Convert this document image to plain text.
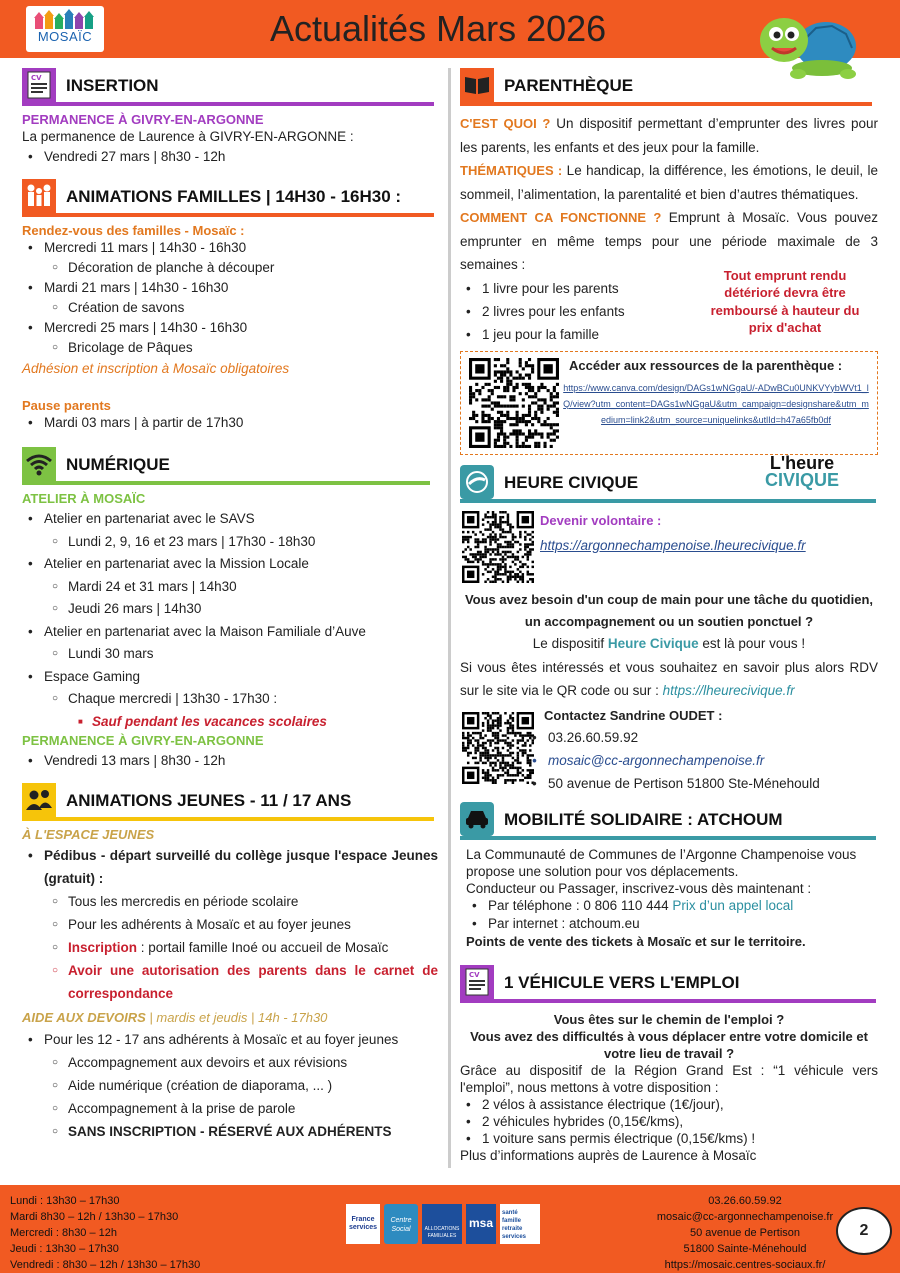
MOSAÏC	Actualités Mars 2026
CV INSERTION
PERMANENCE À GIVRY-EN-ARGONNE
La permanence de Laurence à GIVRY-EN-ARGONNE :
• Vendredi 27 mars | 8h30 - 12h
ANIMATIONS FAMILLES | 14H30 - 16H30 :
Rendez-vous des familles - Mosaïc :
• Mercredi 11 mars | 14h30 - 16h30
○ Décoration de planche à découper
• Mardi 21 mars | 14h30 - 16h30
○ Création de savons
• Mercredi 25 mars | 14h30 - 16h30
○ Bricolage de Pâques
Adhésion et inscription à Mosaïc obligatoires
Pause parents
• Mardi 03 mars | à partir de 17h30
NUMÉRIQUE
ATELIER À MOSAÏC
• Atelier en partenariat avec le SAVS
○ Lundi 2, 9, 16 et 23 mars | 17h30 - 18h30
• Atelier en partenariat avec la Mission Locale
○ Mardi 24 et 31 mars | 14h30
○ Jeudi 26 mars | 14h30
• Atelier en partenariat avec la Maison Familiale d’Auve
○ Lundi 30 mars
• Espace Gaming
○ Chaque mercredi | 13h30 - 17h30 :
■ Sauf pendant les vacances scolaires
PERMANENCE À GIVRY-EN-ARGONNE
• Vendredi 13 mars | 8h30 - 12h
ANIMATIONS JEUNES - 11 / 17 ANS
À L'ESPACE JEUNES
• Pédibus - départ surveillé du collège jusque l'espace Jeunes (gratuit) :
○ Tous les mercredis en période scolaire
○ Pour les adhérents à Mosaïc et au foyer jeunes
○ Inscription : portail famille Inoé ou accueil de Mosaïc
○ Avoir une autorisation des parents dans le carnet de correspondance
AIDE AUX DEVOIRS | mardis et jeudis | 14h - 17h30
• Pour les 12 - 17 ans adhérents à Mosaïc et au foyer jeunes
○ Accompagnement aux devoirs et aux révisions
○ Aide numérique (création de diaporama, ... )
○ Accompagnement à la prise de parole
○ SANS INSCRIPTION - RÉSERVÉ AUX ADHÉRENTS
PARENTHÈQUE
C'EST QUOI ? Un dispositif permettant d’emprunter des livres pour les parents, les enfants et des jeux pour la famille.
THÉMATIQUES : Le handicap, la différence, les émotions, le deuil, le sommeil, l’alimentation, la parentalité et bien d’autres thématiques.
COMMENT CA FONCTIONNE ? Emprunt à Mosaïc. Vous pouvez emprunter en même temps pour une période maximale de 3 semaines :
• 1 livre pour les parents
• 2 livres pour les enfants
• 1 jeu pour la famille
Tout emprunt rendu détérioré devra être remboursé à hauteur du prix d'achat
Accéder aux ressources de la parenthèque :
https://www.canva.com/design/DAGs1wNGgaU/-ADwBCu0UNKVYybWVt1_lQ/view?utm_content=DAGs1wNGgaU&utm_campaign=designshare&utm_medium=link2&utm_source=uniquelinks&utlId=h47a65fb0df
HEURE CIVIQUE
L'heure
CIVIQUE
Devenir volontaire :
https://argonnechampenoise.lheurecivique.fr
Vous avez besoin d'un coup de main pour une tâche du quotidien, un accompagnement ou un soutien ponctuel ?
Le dispositif Heure Civique est là pour vous !
Si vous êtes intéressés et vous souhaitez en savoir plus alors RDV sur le site via le QR code ou sur : https://lheurecivique.fr
Contactez Sandrine OUDET :
• 03.26.60.59.92
• mosaic@cc-argonnechampenoise.fr
• 50 avenue de Pertison 51800 Ste-Ménehould
MOBILITÉ SOLIDAIRE : ATCHOUM
La Communauté de Communes de l’Argonne Champenoise vous propose une solution pour vos déplacements.
Conducteur ou Passager, inscrivez-vous dès maintenant :
• Par téléphone : 0 806 110 444 Prix d’un appel local
• Par internet : atchoum.eu
Points de vente des tickets à Mosaïc et sur le territoire.
CV 1 VÉHICULE VERS L'EMPLOI
Vous êtes sur le chemin de l'emploi ?
Vous avez des difficultés à vous déplacer entre votre domicile et votre lieu de travail ?
Grâce au dispositif de la Région Grand Est : “1 véhicule vers l'emploi”, nous mettons à votre disposition :
• 2 vélos à assistance électrique (1€/jour),
• 2 véhicules hybrides (0,15€/kms),
• 1 voiture sans permis électrique (0,15€/kms) !
Plus d’informations auprès de Laurence à Mosaïc
Lundi : 13h30 – 17h30
Mardi 8h30 – 12h / 13h30 – 17h30
Mercredi : 8h30 – 12h
Jeudi : 13h30 – 17h30
Vendredi : 8h30 – 12h / 13h30 – 17h30
France services
Centre Social	ALLOCATIONS FAMILIALES
msa
santé famille retraite services
03.26.60.59.92
mosaic@cc-argonnechampenoise.fr
50 avenue de Pertison
51800 Sainte-Ménehould
https://mosaic.centres-sociaux.fr/
2
